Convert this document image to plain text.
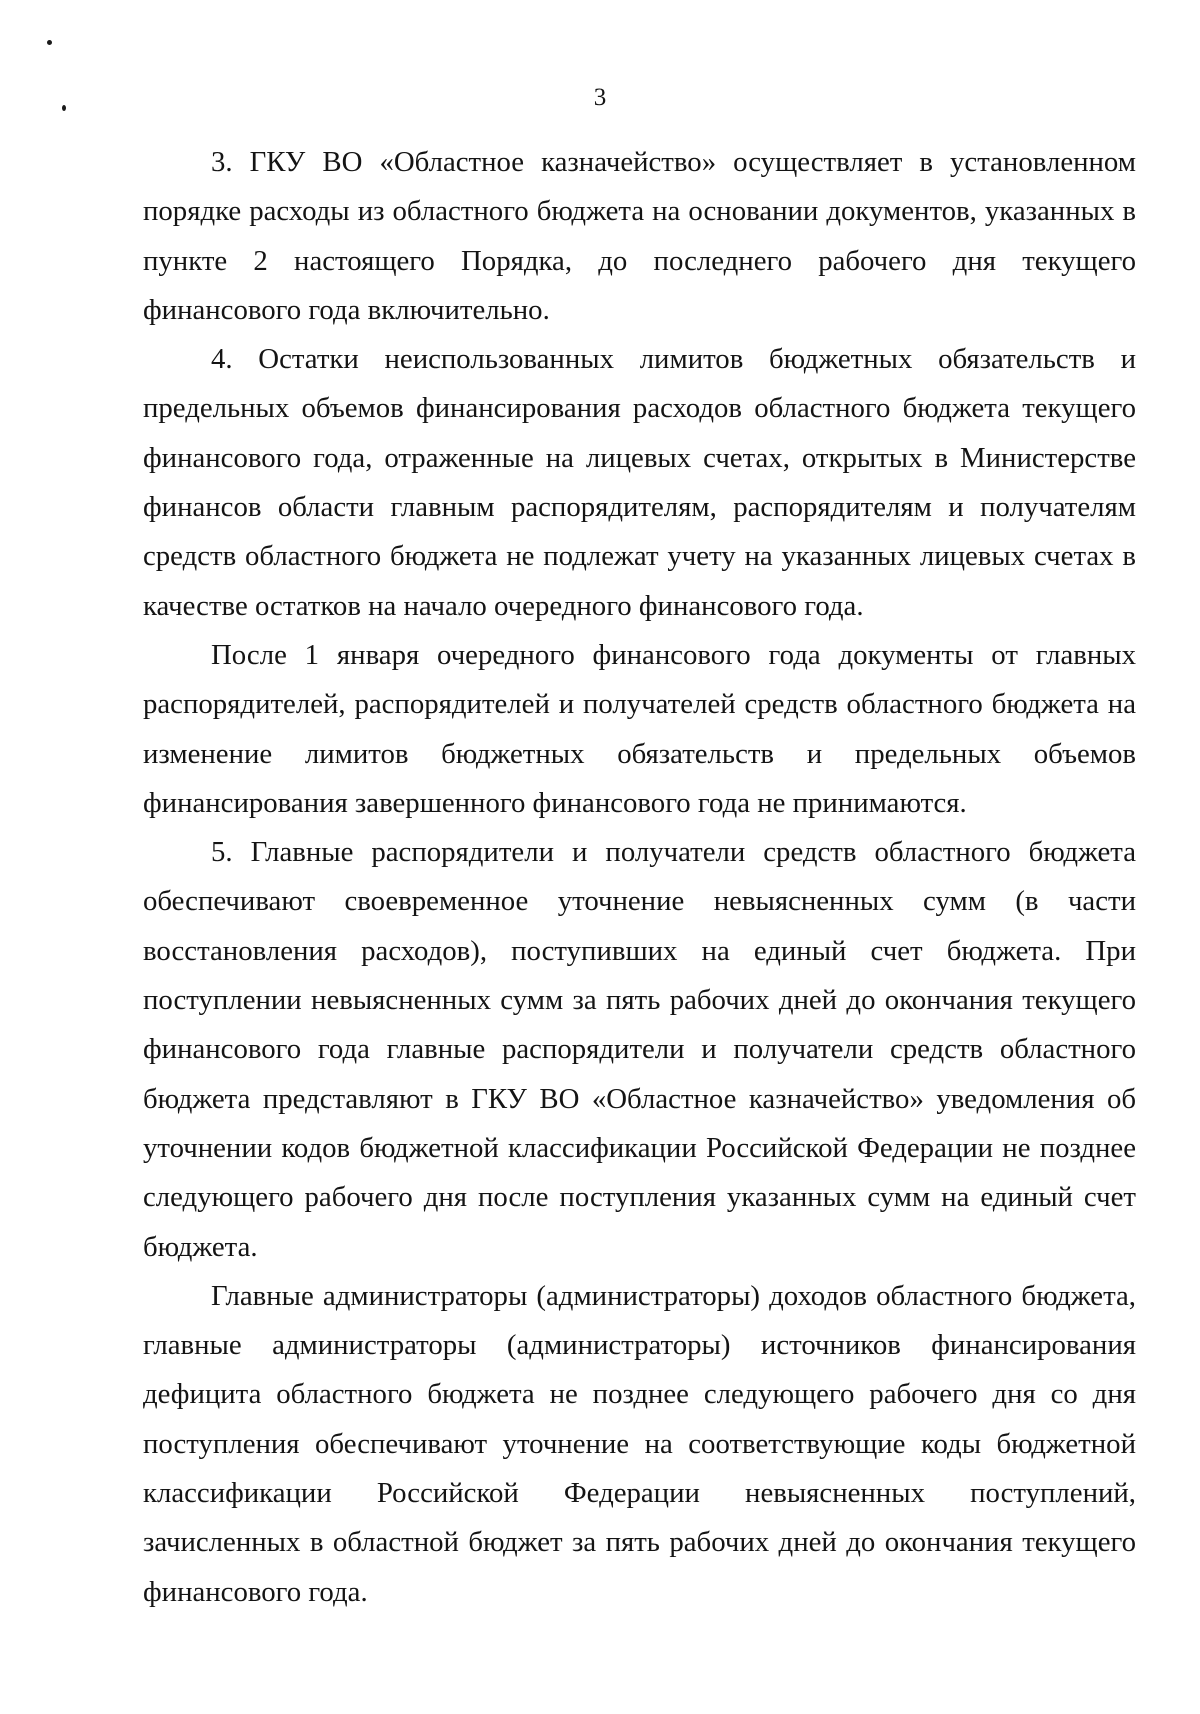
3

3. ГКУ ВО «Областное казначейство» осуществляет в установленном порядке расходы из областного бюджета на основании документов, указанных в пункте 2 настоящего Порядка, до последнего рабочего дня текущего финансового года включительно.

4. Остатки неиспользованных лимитов бюджетных обязательств и предельных объемов финансирования расходов областного бюджета текущего финансового года, отраженные на лицевых счетах, открытых в Министерстве финансов области главным распорядителям, распорядителям и получателям средств областного бюджета не подлежат учету на указанных лицевых счетах в качестве остатков на начало очередного финансового года.

После 1 января очередного финансового года документы от главных распорядителей, распорядителей и получателей средств областного бюджета на изменение лимитов бюджетных обязательств и предельных объемов финансирования завершенного финансового года не принимаются.

5. Главные распорядители и получатели средств областного бюджета обеспечивают своевременное уточнение невыясненных сумм (в части восстановления расходов), поступивших на единый счет бюджета. При поступлении невыясненных сумм за пять рабочих дней до окончания текущего финансового года главные распорядители и получатели средств областного бюджета представляют в ГКУ ВО «Областное казначейство» уведомления об уточнении кодов бюджетной классификации Российской Федерации не позднее следующего рабочего дня после поступления указанных сумм на единый счет бюджета.

Главные администраторы (администраторы) доходов областного бюджета, главные администраторы (администраторы) источников финансирования дефицита областного бюджета не позднее следующего рабочего дня со дня поступления обеспечивают уточнение на соответствующие коды бюджетной классификации Российской Федерации невыясненных поступлений, зачисленных в областной бюджет за пять рабочих дней до окончания текущего финансового года.
